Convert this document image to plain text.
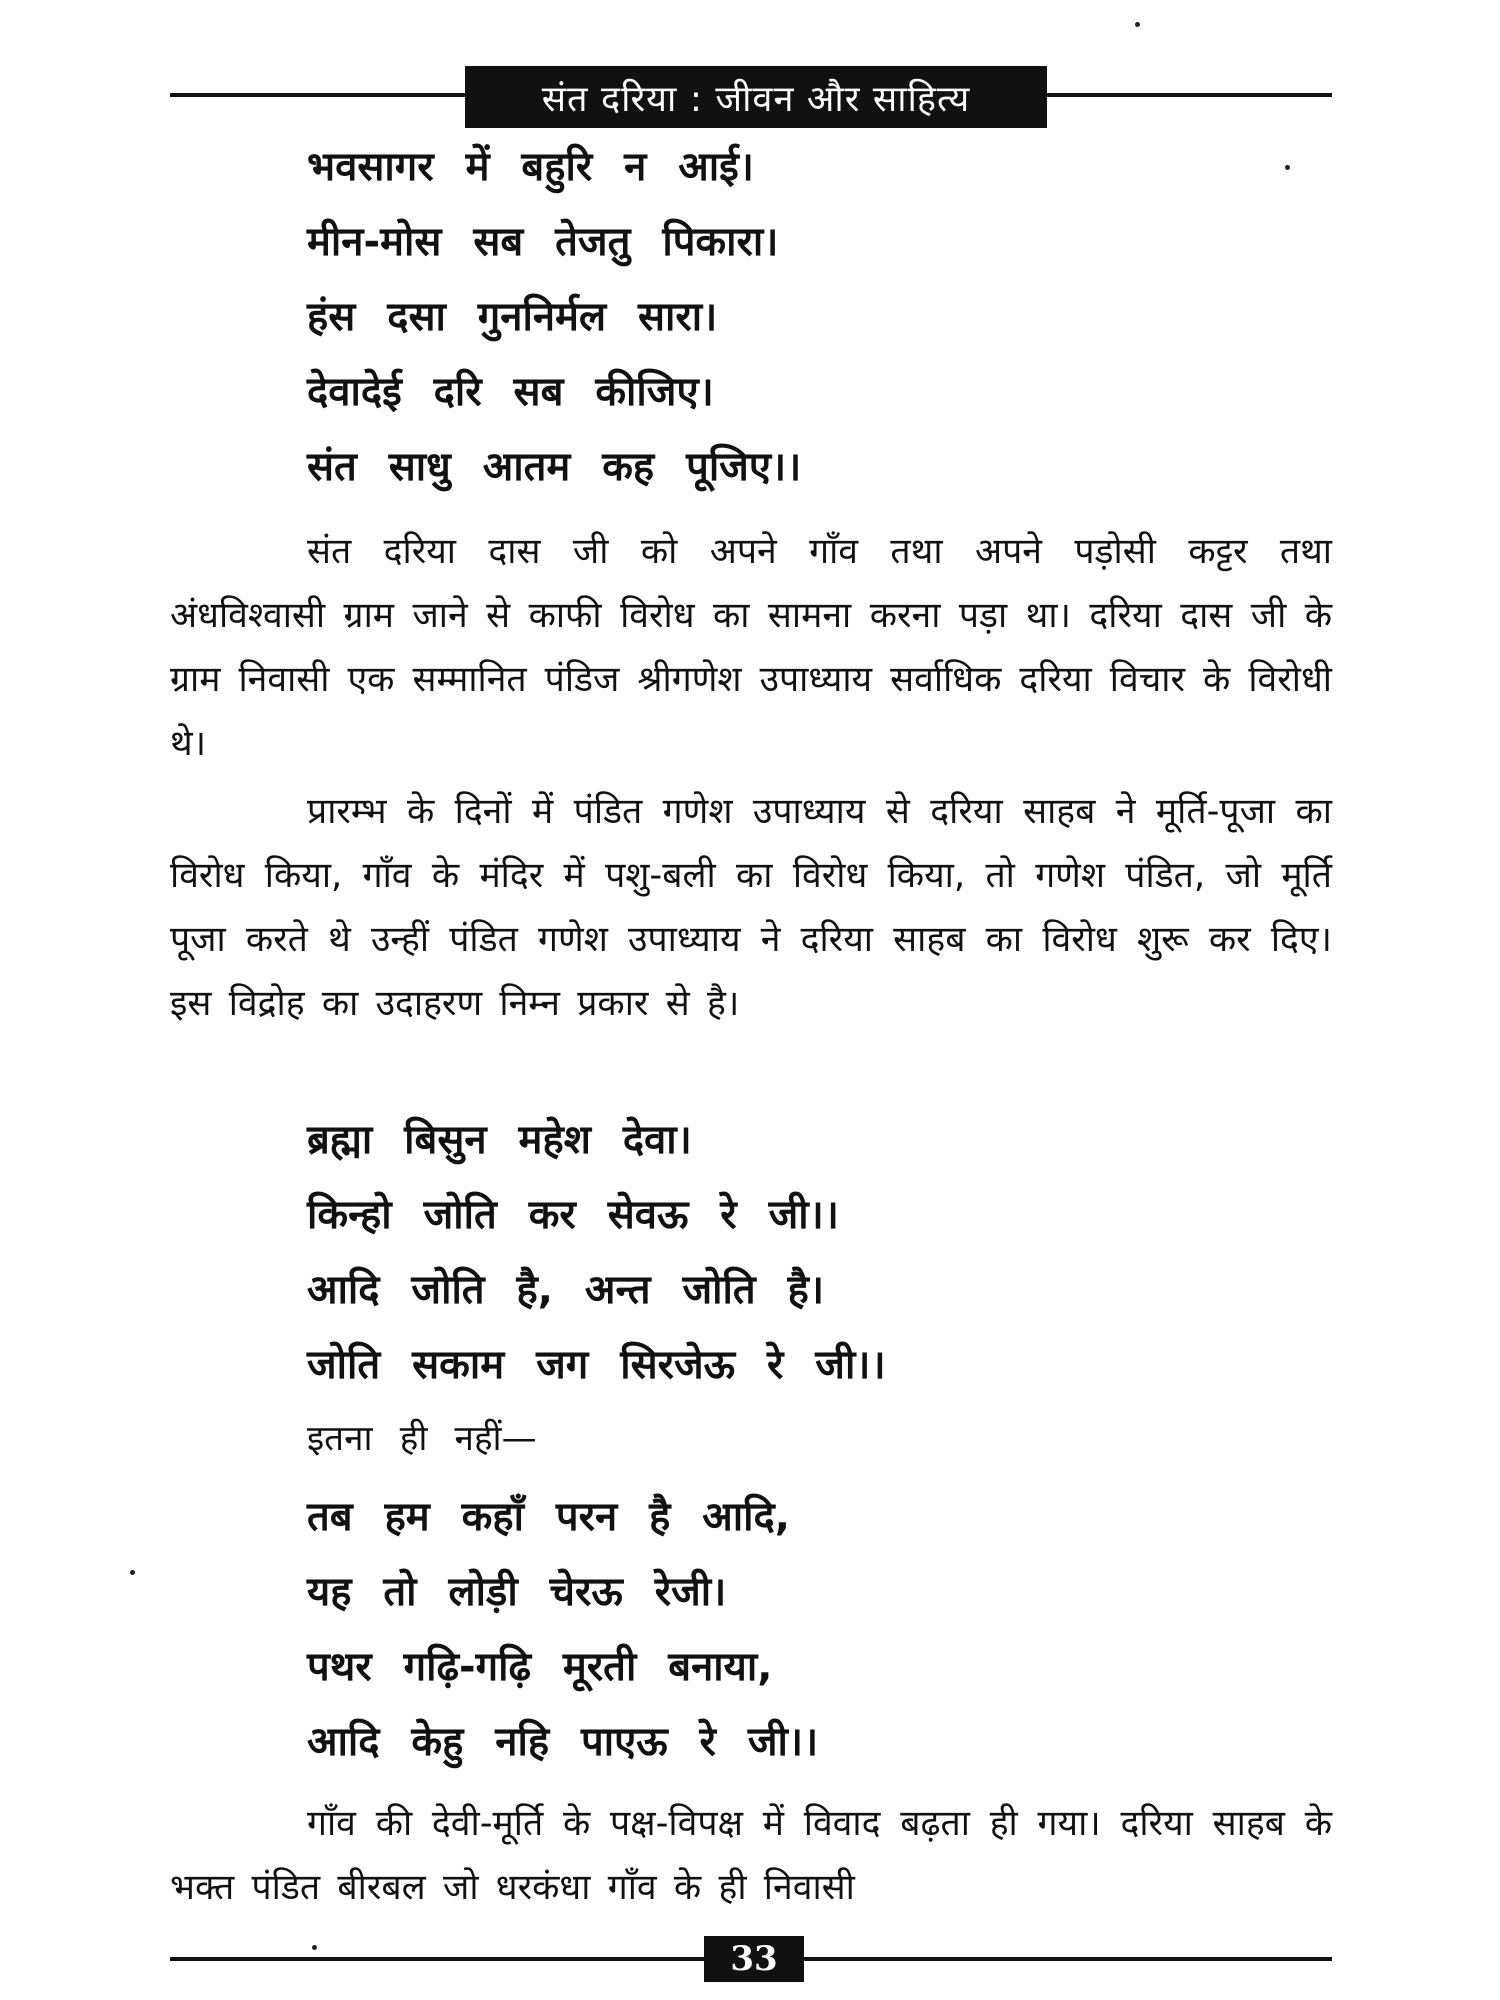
संत दरिया : जीवन और साहित्य
भवसागर में बहुरि न आई।
मीन-मोस सब तेजतु पिकारा।
हंस दसा गुननिर्मल सारा।
देवादेई दरि सब कीजिए।
संत साधु आतम कह पूजिए।।

संत दरिया दास जी को अपने गाँव तथा अपने पड़ोसी कट्टर तथा अंधविश्वासी ग्राम जाने से काफी विरोध का सामना करना पड़ा था। दरिया दास जी के ग्राम निवासी एक सम्मानित पंडिज श्रीगणेश उपाध्याय सर्वाधिक दरिया विचार के विरोधी थे।

प्रारम्भ के दिनों में पंडित गणेश उपाध्याय से दरिया साहब ने मूर्ति-पूजा का विरोध किया, गाँव के मंदिर में पशु-बली का विरोध किया, तो गणेश पंडित, जो मूर्ति पूजा करते थे उन्हीं पंडित गणेश उपाध्याय ने दरिया साहब का विरोध शुरू कर दिए। इस विद्रोह का उदाहरण निम्न प्रकार से है।

ब्रह्मा बिसुन महेश देवा।
किन्हो जोति कर सेवऊ रे जी।।
आदि जोति है, अन्त जोति है।
जोति सकाम जग सिरजेऊ रे जी।।
इतना ही नहीं—
तब हम कहाँ परन है आदि,
यह तो लोड़ी चेरऊ रेजी।
पथर गढ़ि-गढ़ि मूरती बनाया,
आदि केहु नहि पाएऊ रे जी।।

गाँव की देवी-मूर्ति के पक्ष-विपक्ष में विवाद बढ़ता ही गया। दरिया साहब के भक्त पंडित बीरबल जो धरकंधा गाँव के ही निवासी

33
